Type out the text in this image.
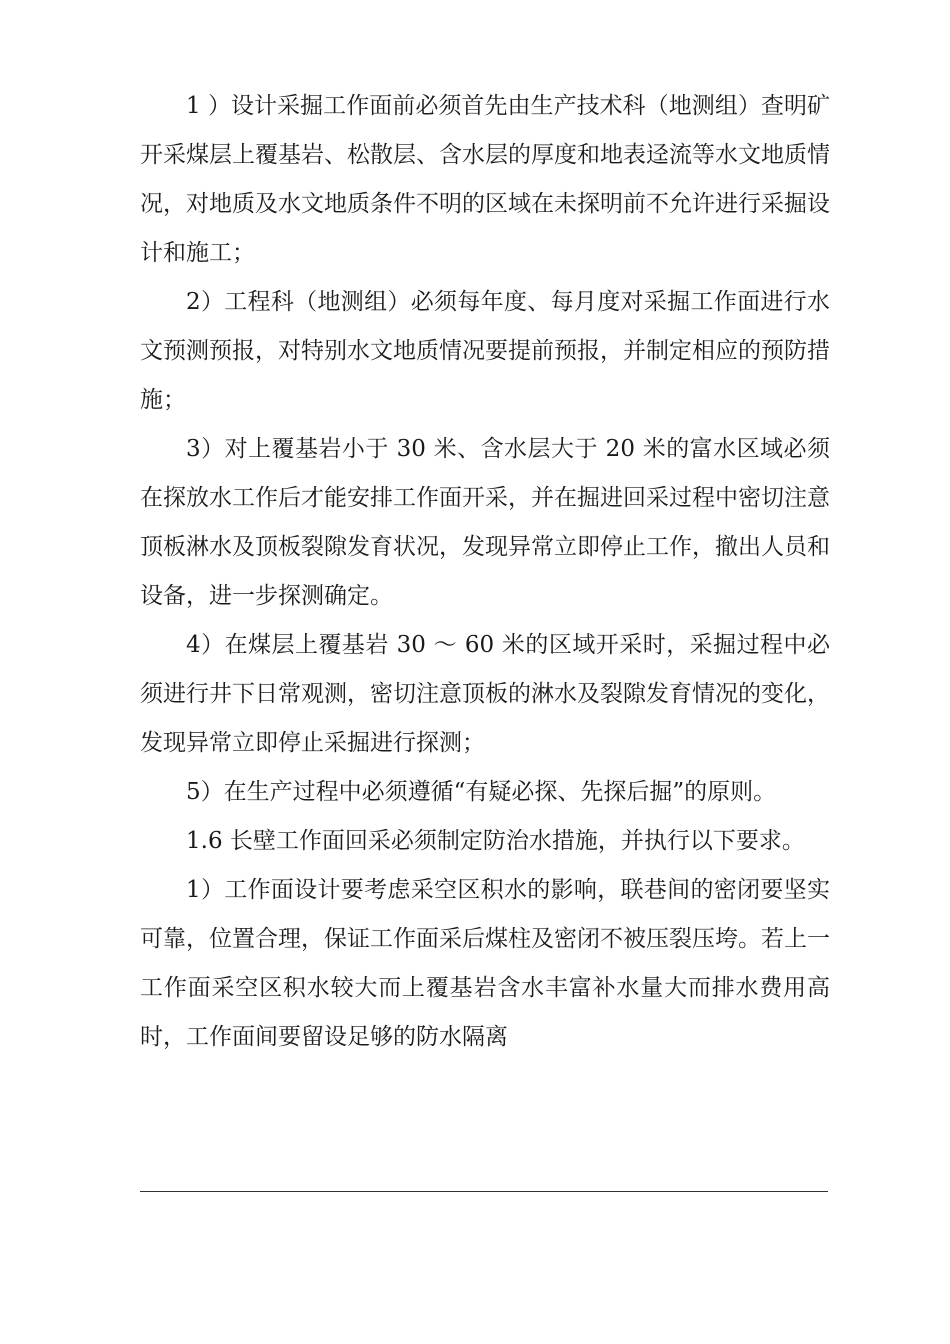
1 ）设计采掘工作面前必须首先由生产技术科（地测组）查明矿开采煤层上覆基岩、松散层、含水层的厚度和地表迳流等水文地质情况，对地质及水文地质条件不明的区域在未探明前不允许进行采掘设计和施工；

2）工程科（地测组）必须每年度、每月度对采掘工作面进行水文预测预报，对特别水文地质情况要提前预报，并制定相应的预防措施；

3）对上覆基岩小于 30 米、含水层大于 20 米的富水区域必须在探放水工作后才能安排工作面开采，并在掘进回采过程中密切注意顶板淋水及顶板裂隙发育状况，发现异常立即停止工作，撤出人员和设备，进一步探测确定。

4）在煤层上覆基岩 30 ～ 60 米的区域开采时，采掘过程中必须进行井下日常观测，密切注意顶板的淋水及裂隙发育情况的变化，发现异常立即停止采掘进行探测；

5）在生产过程中必须遵循“有疑必探、先探后掘”的原则。

1.6 长壁工作面回采必须制定防治水措施，并执行以下要求。

1）工作面设计要考虑采空区积水的影响，联巷间的密闭要坚实可靠，位置合理，保证工作面采后煤柱及密闭不被压裂压垮。若上一工作面采空区积水较大而上覆基岩含水丰富补水量大而排水费用高时，工作面间要留设足够的防水隔离
